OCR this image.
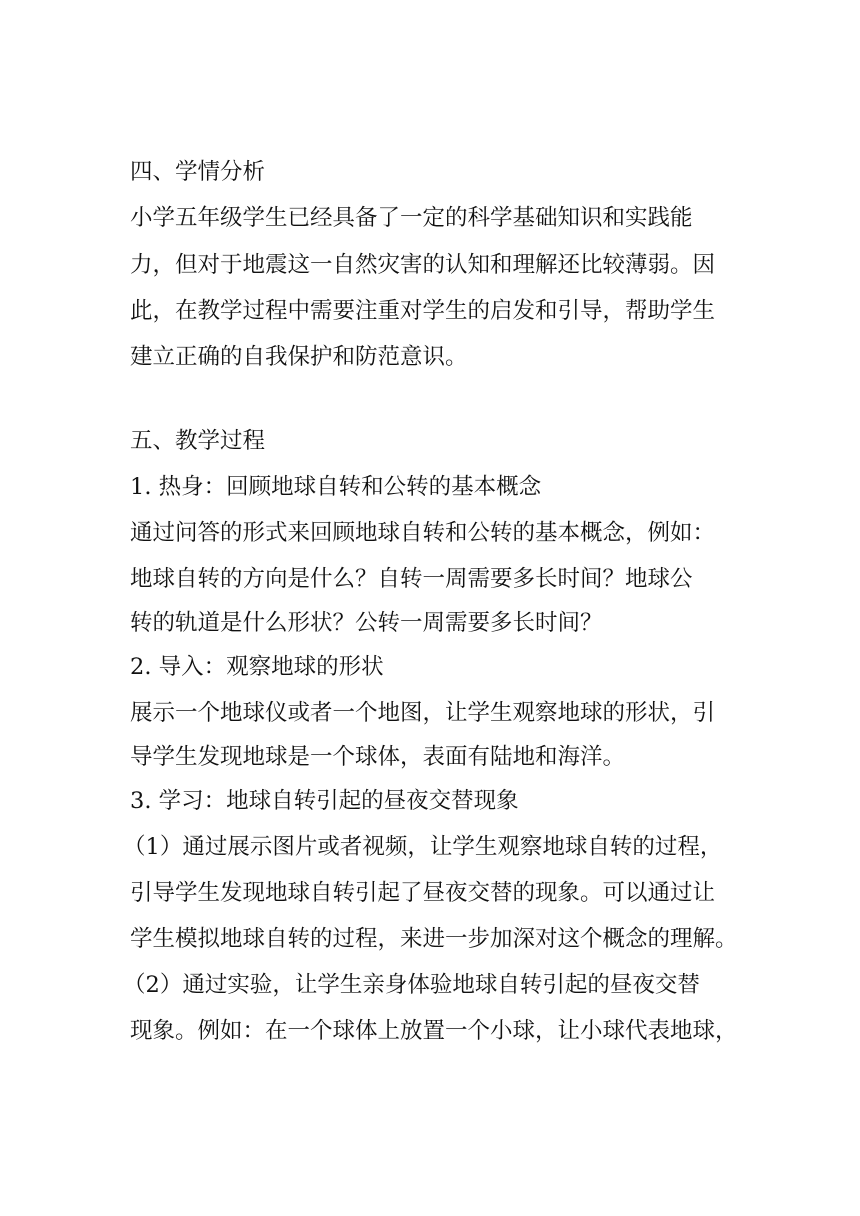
四、学情分析
小学五年级学生已经具备了一定的科学基础知识和实践能
力，但对于地震这一自然灾害的认知和理解还比较薄弱。因
此，在教学过程中需要注重对学生的启发和引导，帮助学生
建立正确的自我保护和防范意识。
五、教学过程
1. 热身：回顾地球自转和公转的基本概念
通过问答的形式来回顾地球自转和公转的基本概念，例如：
地球自转的方向是什么？自转一周需要多长时间？地球公
转的轨道是什么形状？公转一周需要多长时间？
2. 导入：观察地球的形状
展示一个地球仪或者一个地图，让学生观察地球的形状，引
导学生发现地球是一个球体，表面有陆地和海洋。
3. 学习：地球自转引起的昼夜交替现象
（1）通过展示图片或者视频，让学生观察地球自转的过程，
引导学生发现地球自转引起了昼夜交替的现象。可以通过让
学生模拟地球自转的过程，来进一步加深对这个概念的理解。
（2）通过实验，让学生亲身体验地球自转引起的昼夜交替
现象。例如：在一个球体上放置一个小球，让小球代表地球，
